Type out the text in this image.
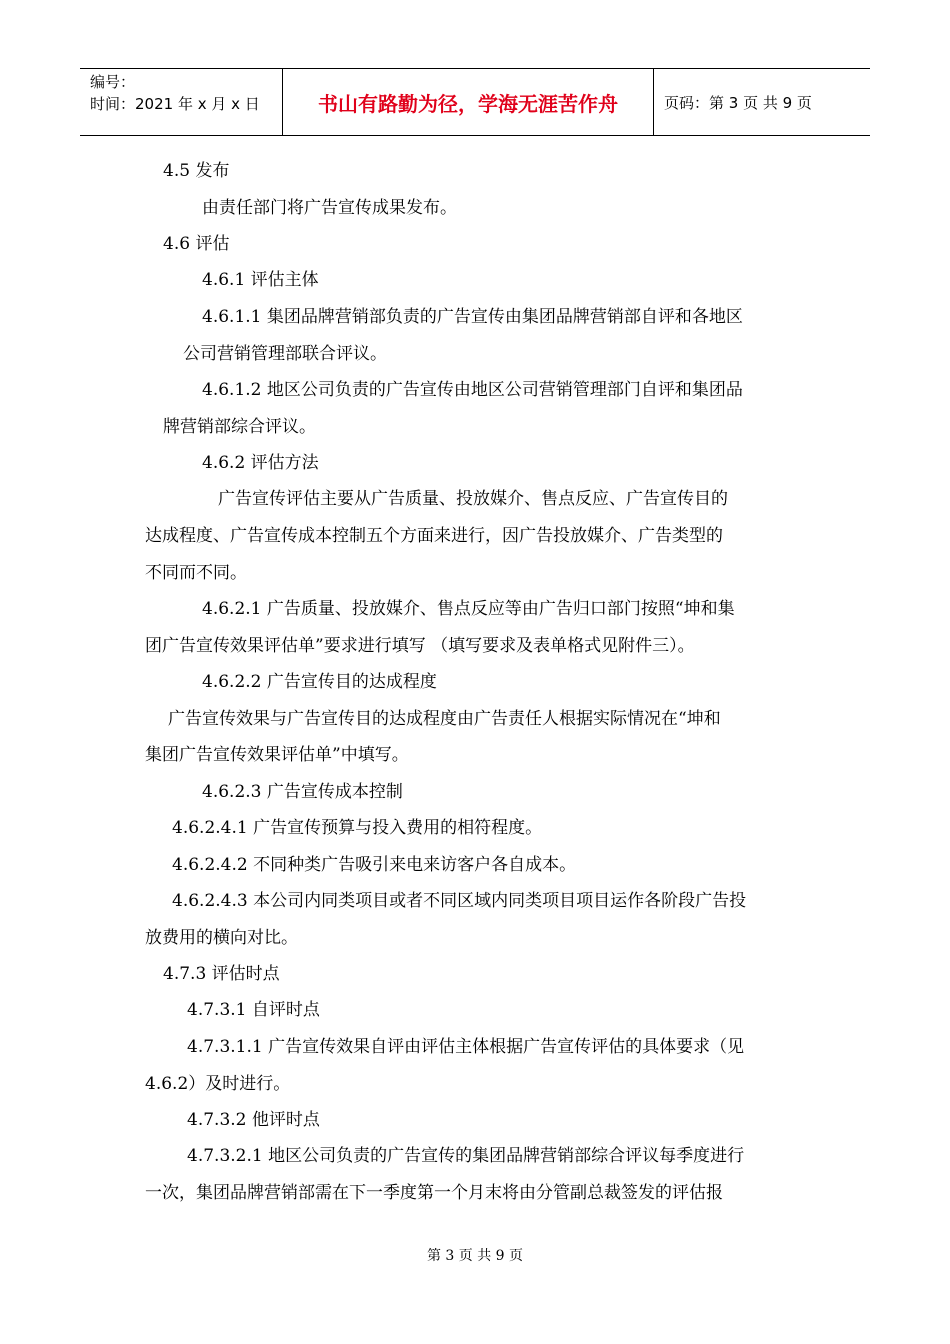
编号：
时间：2021 年 x 月 x 日	书山有路勤为径，学海无涯苦作舟	页码：第 3 页 共 9 页
4.5 发布
由责任部门将广告宣传成果发布。
4.6 评估
4.6.1 评估主体
4.6.1.1 集团品牌营销部负责的广告宣传由集团品牌营销部自评和各地区
公司营销管理部联合评议。
4.6.1.2 地区公司负责的广告宣传由地区公司营销管理部门自评和集团品
牌营销部综合评议。
4.6.2 评估方法
广告宣传评估主要从广告质量、投放媒介、售点反应、广告宣传目的
达成程度、广告宣传成本控制五个方面来进行，因广告投放媒介、广告类型的
不同而不同。
4.6.2.1 广告质量、投放媒介、售点反应等由广告归口部门按照“坤和集
团广告宣传效果评估单”要求进行填写 （填写要求及表单格式见附件三）。
4.6.2.2 广告宣传目的达成程度
广告宣传效果与广告宣传目的达成程度由广告责任人根据实际情况在“坤和
集团广告宣传效果评估单”中填写。
4.6.2.3 广告宣传成本控制
4.6.2.4.1 广告宣传预算与投入费用的相符程度。
4.6.2.4.2 不同种类广告吸引来电来访客户各自成本。
4.6.2.4.3 本公司内同类项目或者不同区域内同类项目项目运作各阶段广告投
放费用的横向对比。
4.7.3 评估时点
4.7.3.1 自评时点
4.7.3.1.1 广告宣传效果自评由评估主体根据广告宣传评估的具体要求（见
4.6.2）及时进行。
4.7.3.2 他评时点
4.7.3.2.1 地区公司负责的广告宣传的集团品牌营销部综合评议每季度进行
一次，集团品牌营销部需在下一季度第一个月末将由分管副总裁签发的评估报
第 3 页 共 9 页
